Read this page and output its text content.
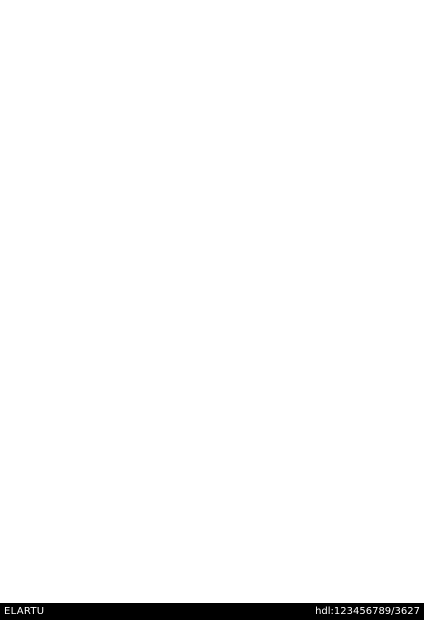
ELARTU	hdl:123456789/3627
